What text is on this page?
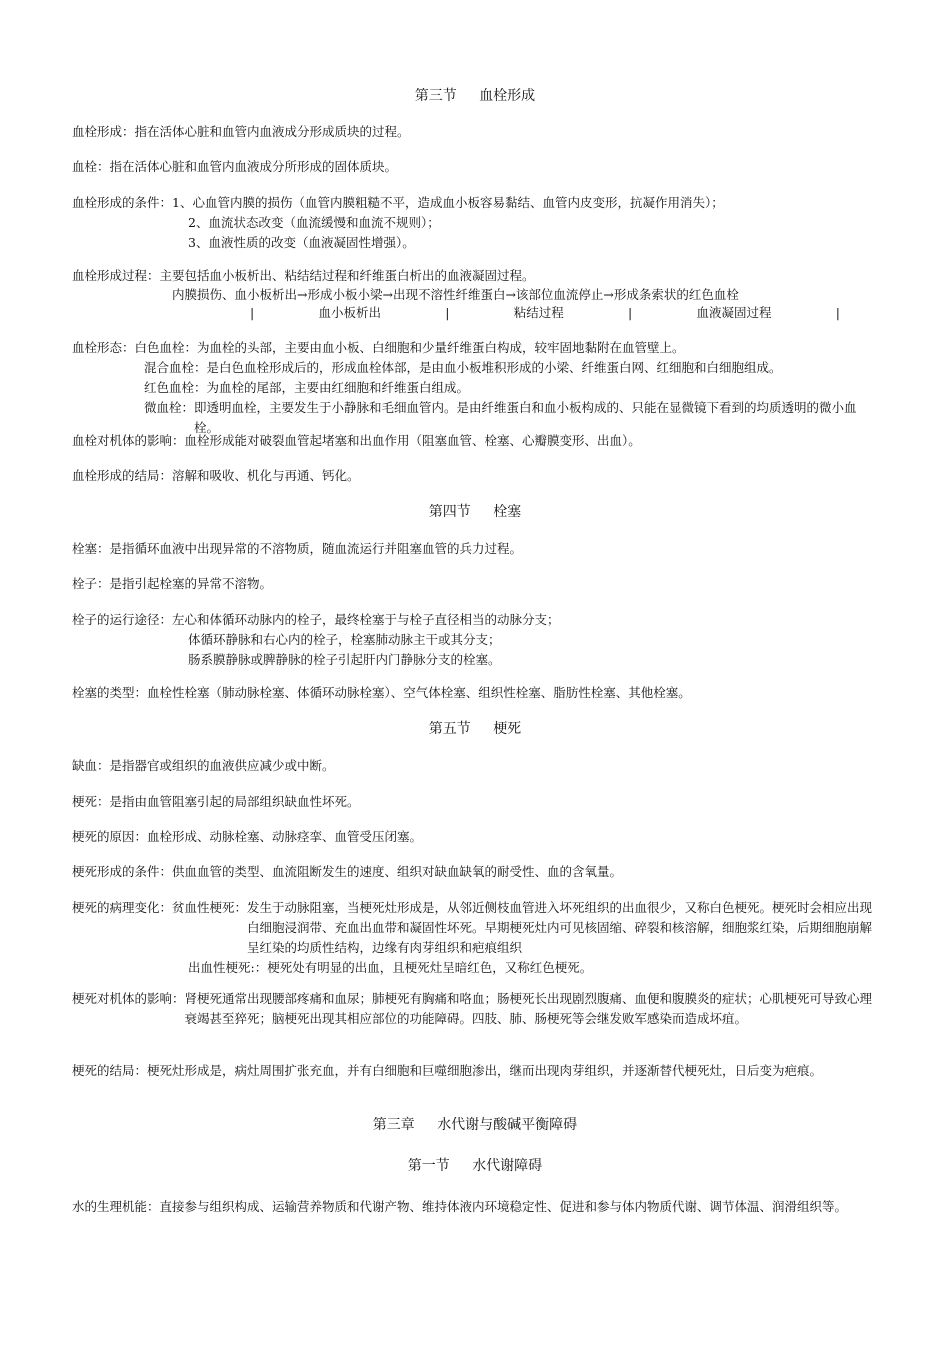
第三节 血栓形成
血栓形成：指在活体心脏和血管内血液成分形成质块的过程。
血栓：指在活体心脏和血管内血液成分所形成的固体质块。
血栓形成的条件： 1、心血管内膜的损伤（血管内膜粗糙不平，造成血小板容易黏结、血管内皮变形，抗凝作用消失）；
2、血流状态改变（血流缓慢和血流不规则）；
3、血液性质的改变（血液凝固性增强）。
血栓形成过程：主要包括血小板析出、粘结结过程和纤维蛋白析出的血液凝固过程。
内膜损伤、血小板析出→形成小板小梁→出现不溶性纤维蛋白→该部位血流停止→形成条索状的红色血栓
|	血小板析出	|	粘结过程	|	血液凝固过程	|
血栓形态： 白色血栓：为血栓的头部，主要由血小板、白细胞和少量纤维蛋白构成，较牢固地黏附在血管壁上。
混合血栓：是白色血栓形成后的，形成血栓体部，是由血小板堆积形成的小梁、纤维蛋白网、红细胞和白细胞组成。
红色血栓：为血栓的尾部，主要由红细胞和纤维蛋白组成。
微血栓： 即透明血栓，主要发生于小静脉和毛细血管内。是由纤维蛋白和血小板构成的、只能在显微镜下看到的均质透明的微小血栓。
血栓对机体的影响：血栓形成能对破裂血管起堵塞和出血作用（阻塞血管、栓塞、心瓣膜变形、出血）。
血栓形成的结局：溶解和吸收、机化与再通、钙化。
第四节 栓塞
栓塞：是指循环血液中出现异常的不溶物质，随血流运行并阻塞血管的兵力过程。
栓子：是指引起栓塞的异常不溶物。
栓子的运行途径： 左心和体循环动脉内的栓子，最终栓塞于与栓子直径相当的动脉分支；
体循环静脉和右心内的栓子，栓塞肺动脉主干或其分支；
肠系膜静脉或脾静脉的栓子引起肝内门静脉分支的栓塞。
栓塞的类型：血栓性栓塞（肺动脉栓塞、体循环动脉栓塞）、空气体栓塞、组织性栓塞、脂肪性栓塞、其他栓塞。
第五节 梗死
缺血：是指器官或组织的血液供应减少或中断。
梗死：是指由血管阻塞引起的局部组织缺血性坏死。
梗死的原因：血栓形成、动脉栓塞、动脉痉挛、血管受压闭塞。
梗死形成的条件：供血血管的类型、血流阻断发生的速度、组织对缺血缺氧的耐受性、血的含氧量。
梗死的病理变化： 贫血性梗死： 发生于动脉阻塞，当梗死灶形成是，从邻近侧枝血管进入坏死组织的出血很少，又称白色梗死。梗死时会相应出现白细胞浸润带、充血出血带和凝固性坏死。早期梗死灶内可见核固缩、碎裂和核溶解，细胞浆红染，后期细胞崩解呈红染的均质性结构，边缘有肉芽组织和疤痕组织
出血性梗死:： 梗死处有明显的出血，且梗死灶呈暗红色，又称红色梗死。
梗死对机体的影响： 肾梗死通常出现腰部疼痛和血尿；肺梗死有胸痛和咯血；肠梗死长出现剧烈腹痛、血便和腹膜炎的症状；心肌梗死可导致心理衰竭甚至猝死；脑梗死出现其相应部位的功能障碍。四肢、肺、肠梗死等会继发败军感染而造成坏疽。
梗死的结局： 梗死灶形成是，病灶周围扩张充血，并有白细胞和巨噬细胞渗出，继而出现肉芽组织，并逐渐替代梗死灶，日后变为疤痕。
第三章 水代谢与酸碱平衡障碍
第一节 水代谢障碍
水的生理机能： 直接参与组织构成、运输营养物质和代谢产物、维持体液内环境稳定性、促进和参与体内物质代谢、调节体温、润滑组织等。
